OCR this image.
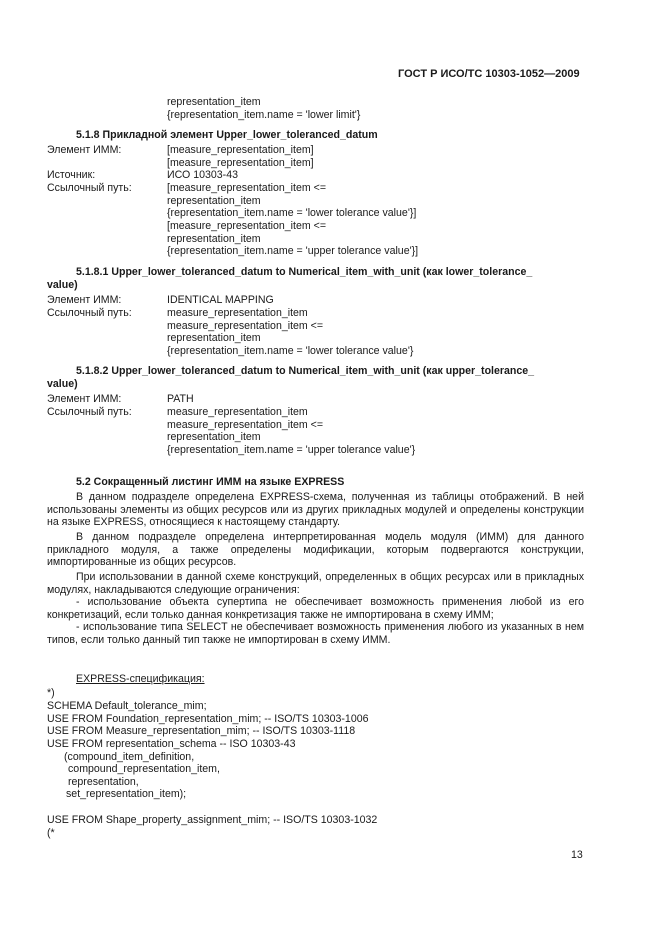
ГОСТ Р ИСО/ТС 10303-1052—2009
representation_item
{representation_item.name = 'lower limit'}
5.1.8 Прикладной элемент Upper_lower_toleranced_datum
Элемент ИММ:	[measure_representation_item]
[measure_representation_item]
Источник:	ИСО 10303-43
Ссылочный путь:	[measure_representation_item <=
representation_item
{representation_item.name = 'lower tolerance value'}]
[measure_representation_item <=
representation_item
{representation_item.name = 'upper tolerance value'}]
5.1.8.1 Upper_lower_toleranced_datum to Numerical_item_with_unit (как lower_tolerance_
value)
Элемент ИММ:	IDENTICAL MAPPING
Ссылочный путь:	measure_representation_item
measure_representation_item <=
representation_item
{representation_item.name = 'lower tolerance value'}
5.1.8.2 Upper_lower_toleranced_datum to Numerical_item_with_unit (как upper_tolerance_
value)
Элемент ИММ:	PATH
Ссылочный путь:	measure_representation_item
measure_representation_item <=
representation_item
{representation_item.name = 'upper tolerance value'}
5.2 Сокращенный листинг ИММ на языке EXPRESS
В данном подразделе определена EXPRESS-схема, полученная из таблицы отображений. В ней использованы элементы из общих ресурсов или из других прикладных модулей и определены конструкции на языке EXPRESS, относящиеся к настоящему стандарту.
В данном подразделе определена интерпретированная модель модуля (ИММ) для данного прикладного модуля, а также определены модификации, которым подвергаются конструкции, импортированные из общих ресурсов.
При использовании в данной схеме конструкций, определенных в общих ресурсах или в прикладных модулях, накладываются следующие ограничения:
- использование объекта супертипа не обеспечивает возможность применения любой из его конкретизаций, если только данная конкретизация также не импортирована в схему ИММ;
- использование типа SELECT не обеспечивает возможность применения любого из указанных в нем типов, если только данный тип также не импортирован в схему ИММ.
EXPRESS-спецификация:
*)
SCHEMA Default_tolerance_mim;
USE FROM Foundation_representation_mim; -- ISO/TS 10303-1006
USE FROM Measure_representation_mim; -- ISO/TS 10303-1118
USE FROM representation_schema -- ISO 10303-43
(compound_item_definition,
compound_representation_item,
representation,
set_representation_item);
USE FROM Shape_property_assignment_mim; -- ISO/TS 10303-1032
(*
13
